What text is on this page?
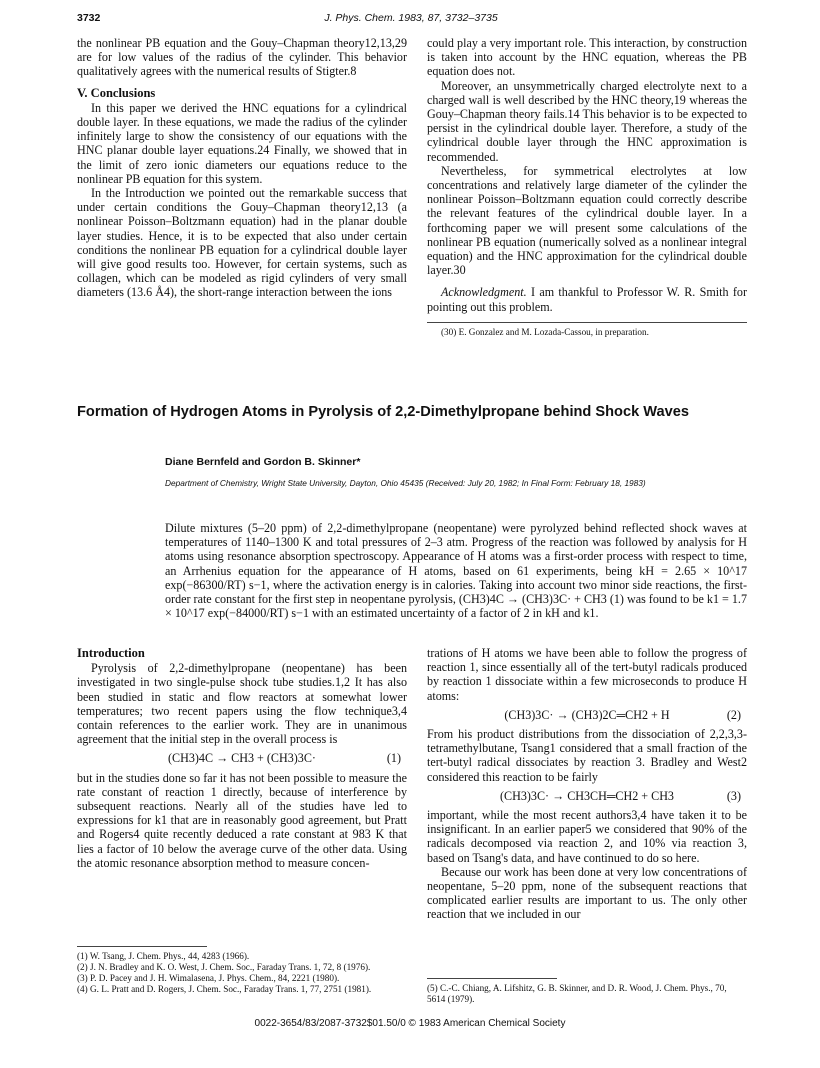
3732	J. Phys. Chem. 1983, 87, 3732–3735

the nonlinear PB equation and the Gouy–Chapman theory12,13,29 are for low values of the radius of the cylinder. This behavior qualitatively agrees with the numerical results of Stigter.8

V. Conclusions

In this paper we derived the HNC equations for a cylindrical double layer. In these equations, we made the radius of the cylinder infinitely large to show the consistency of our equations with the HNC planar double layer equations.24 Finally, we showed that in the limit of zero ionic diameters our equations reduce to the nonlinear PB equation for this system.

In the Introduction we pointed out the remarkable success that under certain conditions the Gouy–Chapman theory12,13 (a nonlinear Poisson–Boltzmann equation) had in the planar double layer studies. Hence, it is to be expected that also under certain conditions the nonlinear PB equation for a cylindrical double layer will give good results too. However, for certain systems, such as collagen, which can be modeled as rigid cylinders of very small diameters (13.6 Å4), the short-range interaction between the ions

could play a very important role. This interaction, by construction is taken into account by the HNC equation, whereas the PB equation does not.

Moreover, an unsymmetrically charged electrolyte next to a charged wall is well described by the HNC theory,19 whereas the Gouy–Chapman theory fails.14 This behavior is to be expected to persist in the cylindrical double layer. Therefore, a study of the cylindrical double layer through the HNC approximation is recommended.

Nevertheless, for symmetrical electrolytes at low concentrations and relatively large diameter of the cylinder the nonlinear Poisson–Boltzmann equation could correctly describe the relevant features of the cylindrical double layer. In a forthcoming paper we will present some calculations of the nonlinear PB equation (numerically solved as a nonlinear integral equation) and the HNC approximation for the cylindrical double layer.30

Acknowledgment. I am thankful to Professor W. R. Smith for pointing out this problem.

(30) E. Gonzalez and M. Lozada-Cassou, in preparation.
Formation of Hydrogen Atoms in Pyrolysis of 2,2-Dimethylpropane behind Shock Waves
Diane Bernfeld and Gordon B. Skinner*
Department of Chemistry, Wright State University, Dayton, Ohio 45435 (Received: July 20, 1982; In Final Form: February 18, 1983)
Dilute mixtures (5–20 ppm) of 2,2-dimethylpropane (neopentane) were pyrolyzed behind reflected shock waves at temperatures of 1140–1300 K and total pressures of 2–3 atm. Progress of the reaction was followed by analysis for H atoms using resonance absorption spectroscopy. Appearance of H atoms was a first-order process with respect to time, an Arrhenius equation for the appearance of H atoms, based on 61 experiments, being kH = 2.65 × 10^17 exp(−86300/RT) s−1, where the activation energy is in calories. Taking into account two minor side reactions, the first-order rate constant for the first step in neopentane pyrolysis, (CH3)4C → (CH3)3C· + CH3 (1) was found to be k1 = 1.7 × 10^17 exp(−84000/RT) s−1 with an estimated uncertainty of a factor of 2 in kH and k1.
Introduction

Pyrolysis of 2,2-dimethylpropane (neopentane) has been investigated in two single-pulse shock tube studies.1,2 It has also been studied in static and flow reactors at somewhat lower temperatures; two recent papers using the flow technique3,4 contain references to the earlier work. They are in unanimous agreement that the initial step in the overall process is

(CH3)4C → CH3 + (CH3)3C·	(1)

but in the studies done so far it has not been possible to measure the rate constant of reaction 1 directly, because of interference by subsequent reactions. Nearly all of the studies have led to expressions for k1 that are in reasonably good agreement, but Pratt and Rogers4 quite recently deduced a rate constant at 983 K that lies a factor of 10 below the average curve of the other data. Using the atomic resonance absorption method to measure concen-

trations of H atoms we have been able to follow the progress of reaction 1, since essentially all of the tert-butyl radicals produced by reaction 1 dissociate within a few microseconds to produce H atoms:

(CH3)3C· → (CH3)2C═CH2 + H	(2)

From his product distributions from the dissociation of 2,2,3,3-tetramethylbutane, Tsang1 considered that a small fraction of the tert-butyl radical dissociates by reaction 3. Bradley and West2 considered this reaction to be fairly

(CH3)3C· → CH3CH═CH2 + CH3	(3)

important, while the most recent authors3,4 have taken it to be insignificant. In an earlier paper5 we considered that 90% of the radicals decomposed via reaction 2, and 10% via reaction 3, based on Tsang's data, and have continued to do so here.

Because our work has been done at very low concentrations of neopentane, 5–20 ppm, none of the subsequent reactions that complicated earlier results are important to us. The only other reaction that we included in our

(1) W. Tsang, J. Chem. Phys., 44, 4283 (1966).
(2) J. N. Bradley and K. O. West, J. Chem. Soc., Faraday Trans. 1, 72, 8 (1976).
(3) P. D. Pacey and J. H. Wimalasena, J. Phys. Chem., 84, 2221 (1980).
(4) G. L. Pratt and D. Rogers, J. Chem. Soc., Faraday Trans. 1, 77, 2751 (1981).	(5) C.-C. Chiang, A. Lifshitz, G. B. Skinner, and D. R. Wood, J. Chem. Phys., 70, 5614 (1979).
0022-3654/83/2087-3732$01.50/0 © 1983 American Chemical Society
